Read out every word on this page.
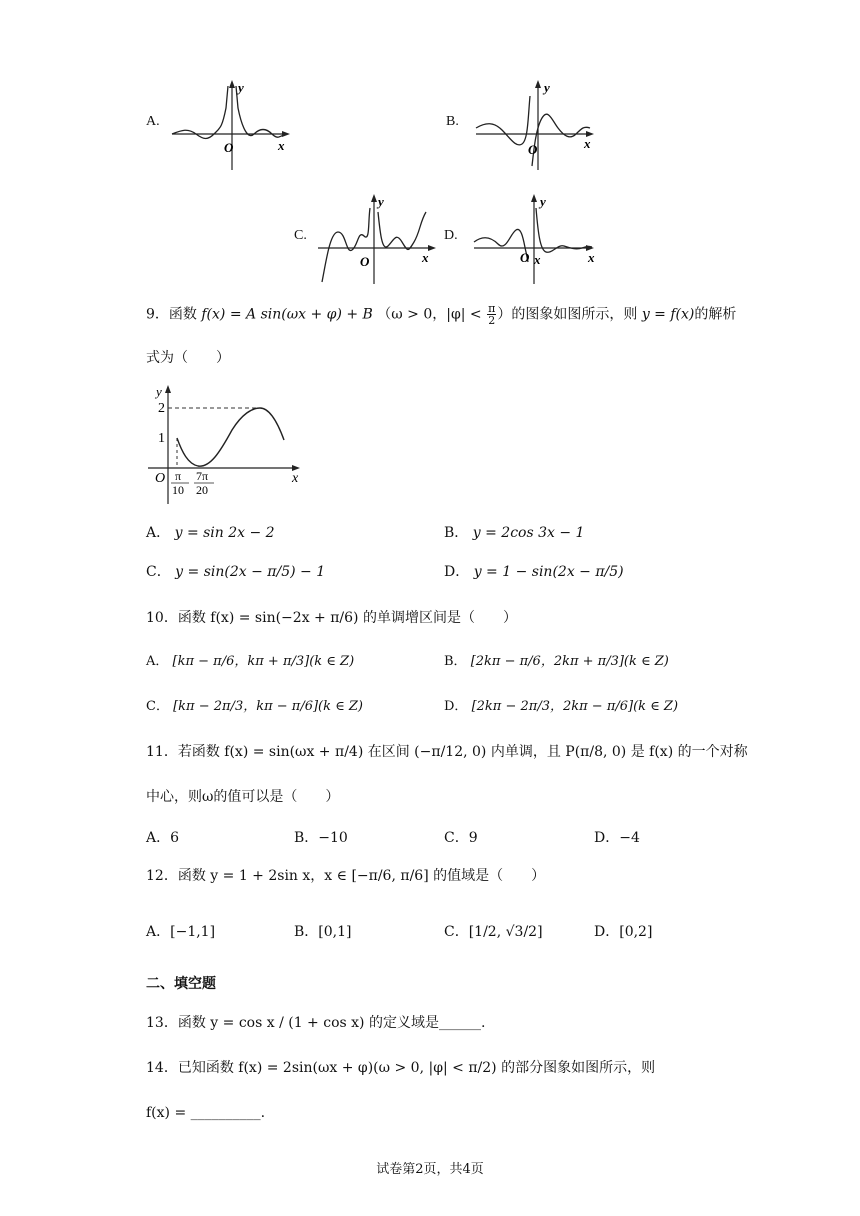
A.
O	x
y
B.
O	x
y
C.
O	x
y
D.
O x	x
y
9．函数 f(x) = A sin(ωx + φ) + B （ω > 0，$|\varphi| < \frac{\pi}{2}$ ）的图象如图所示，则 y = f(x)的解析
式为（　　）
y
2
1
O	x
π
10
7π
20
A． y = sin 2x − 2	B． y = 2cos 3x − 1
C． y = sin(2x − π/5) − 1	D． y = 1 − sin(2x − π/5)
10．函数 f(x) = sin(−2x + π/6) 的单调增区间是（　　）
A． [kπ − π/6，kπ + π/3](k ∈ Z)	B． [2kπ − π/6，2kπ + π/3](k ∈ Z)
C． [kπ − 2π/3，kπ − π/6](k ∈ Z)	D． [2kπ − 2π/3，2kπ − π/6](k ∈ Z)
11．若函数 f(x) = sin(ωx + π/4) 在区间 (−π/12, 0) 内单调，且 P(π/8, 0) 是 f(x) 的一个对称
中心，则ω的值可以是（　　）
A．6	B．−10	C．9	D．−4
12．函数 y = 1 + 2sin x，x ∈ [−π/6, π/6] 的值域是（　　）
A．[−1,1]	B．[0,1]	C．[1/2, √3/2]	D．[0,2]
二、填空题
13．函数 y = cos x / (1 + cos x) 的定义域是______.
14．已知函数 f(x) = 2sin(ωx + φ)(ω > 0, |φ| < π/2) 的部分图象如图所示，则
f(x) = __________.
试卷第2页，共4页
